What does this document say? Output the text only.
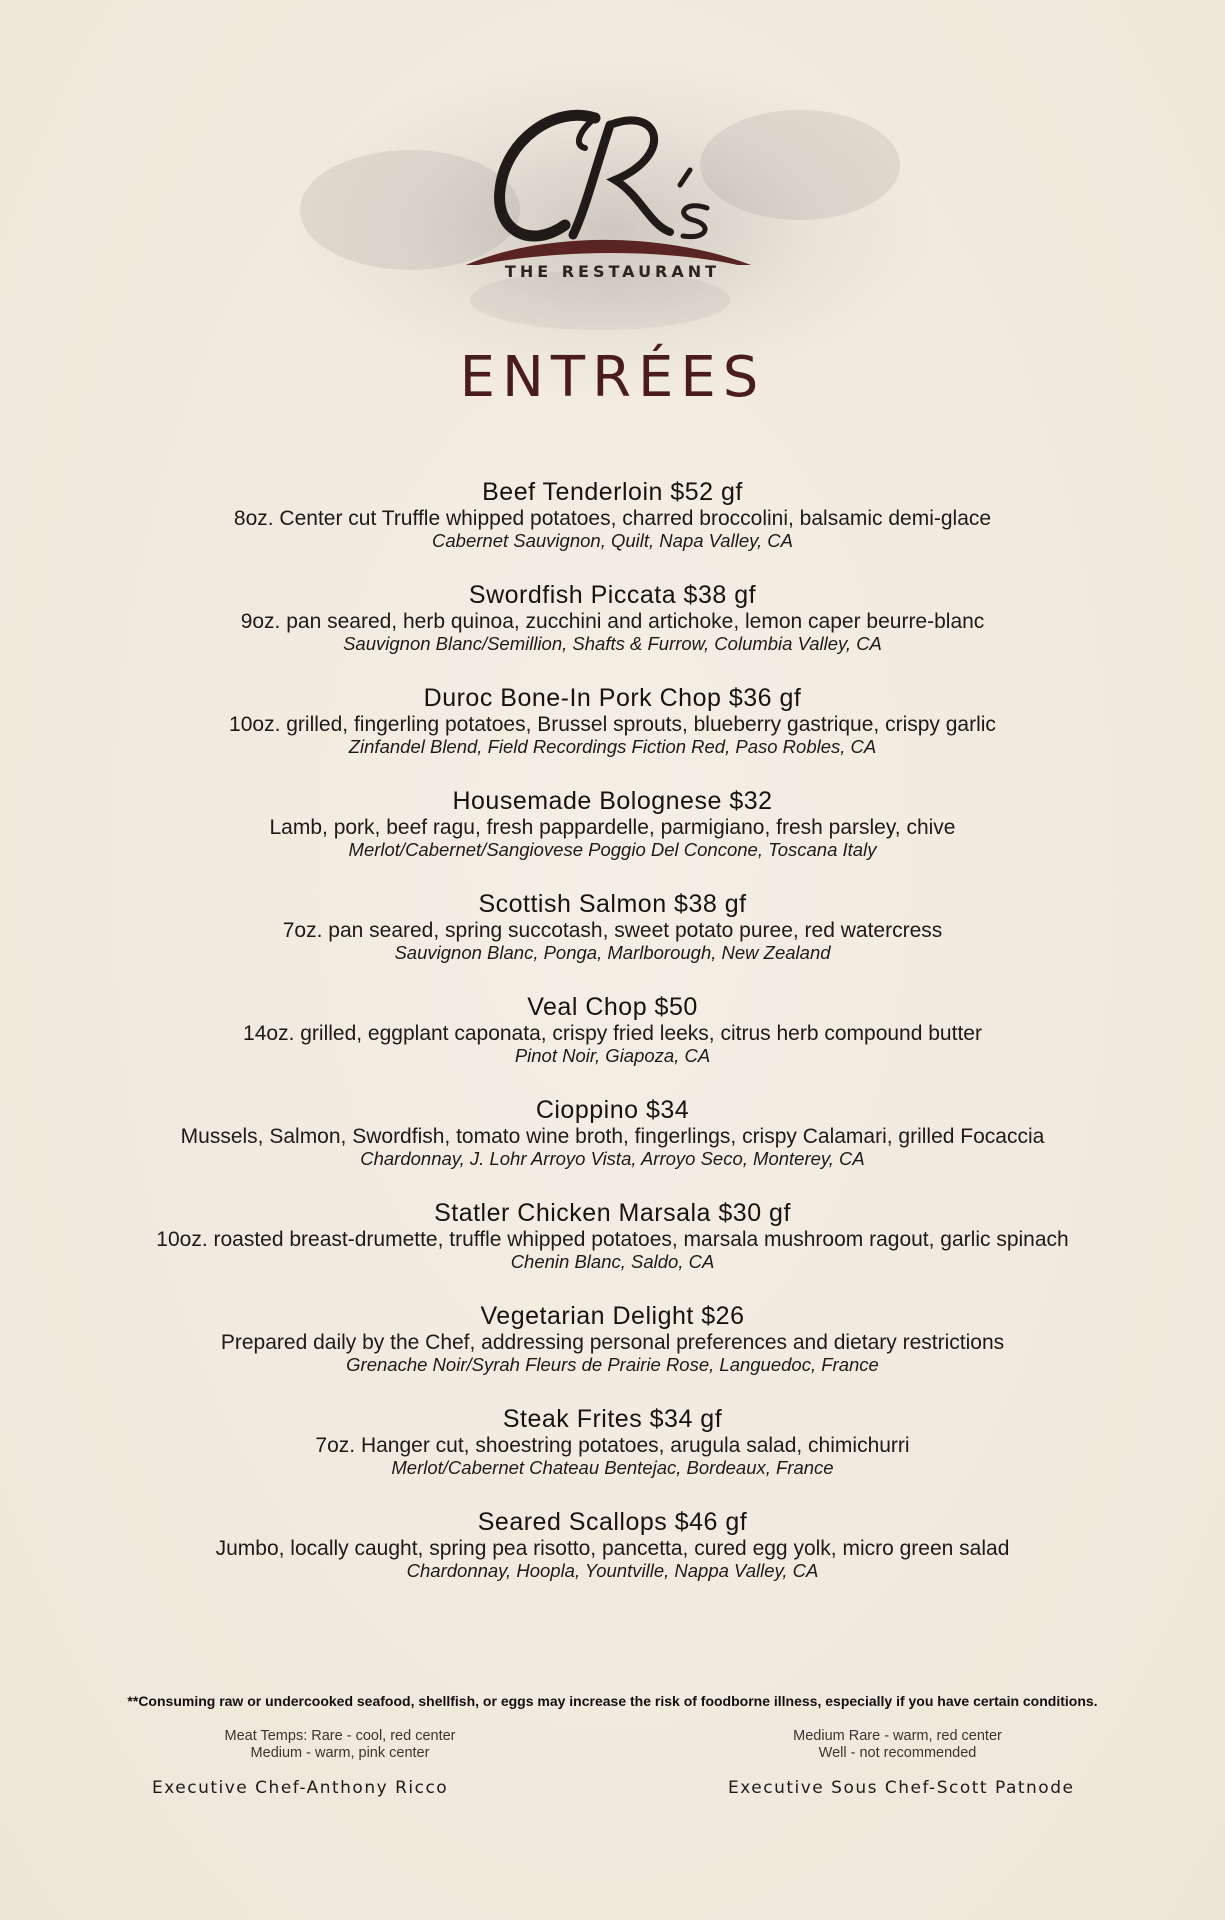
THE RESTAURANT
ENTRÉES
Beef Tenderloin $52 gf
8oz. Center cut Truffle whipped potatoes, charred broccolini, balsamic demi-glace
Cabernet Sauvignon, Quilt, Napa Valley, CA
Swordfish Piccata $38 gf
9oz. pan seared, herb quinoa, zucchini and artichoke, lemon caper beurre-blanc
Sauvignon Blanc/Semillion, Shafts & Furrow, Columbia Valley, CA
Duroc Bone-In Pork Chop $36 gf
10oz. grilled, fingerling potatoes, Brussel sprouts, blueberry gastrique, crispy garlic
Zinfandel Blend, Field Recordings Fiction Red, Paso Robles, CA
Housemade Bolognese $32
Lamb, pork, beef ragu, fresh pappardelle, parmigiano, fresh parsley, chive
Merlot/Cabernet/Sangiovese Poggio Del Concone, Toscana Italy
Scottish Salmon $38 gf
7oz. pan seared, spring succotash, sweet potato puree, red watercress
Sauvignon Blanc, Ponga, Marlborough, New Zealand
Veal Chop $50
14oz. grilled, eggplant caponata, crispy fried leeks, citrus herb compound butter
Pinot Noir, Giapoza, CA
Cioppino $34
Mussels, Salmon, Swordfish, tomato wine broth, fingerlings, crispy Calamari, grilled Focaccia
Chardonnay, J. Lohr Arroyo Vista, Arroyo Seco, Monterey, CA
Statler Chicken Marsala $30 gf
10oz. roasted breast-drumette, truffle whipped potatoes, marsala mushroom ragout, garlic spinach
Chenin Blanc, Saldo, CA
Vegetarian Delight $26
Prepared daily by the Chef, addressing personal preferences and dietary restrictions
Grenache Noir/Syrah Fleurs de Prairie Rose, Languedoc, France
Steak Frites $34 gf
7oz. Hanger cut, shoestring potatoes, arugula salad, chimichurri
Merlot/Cabernet Chateau Bentejac, Bordeaux, France
Seared Scallops $46 gf
Jumbo, locally caught, spring pea risotto, pancetta, cured egg yolk, micro green salad
Chardonnay, Hoopla, Yountville, Nappa Valley, CA
**Consuming raw or undercooked seafood, shellfish, or eggs may increase the risk of foodborne illness, especially if you have certain conditions.
Meat Temps: Rare - cool, red center
Medium - warm, pink center
Medium Rare - warm, red center
Well - not recommended
Executive Chef-Anthony Ricco	Executive Sous Chef-Scott Patnode
